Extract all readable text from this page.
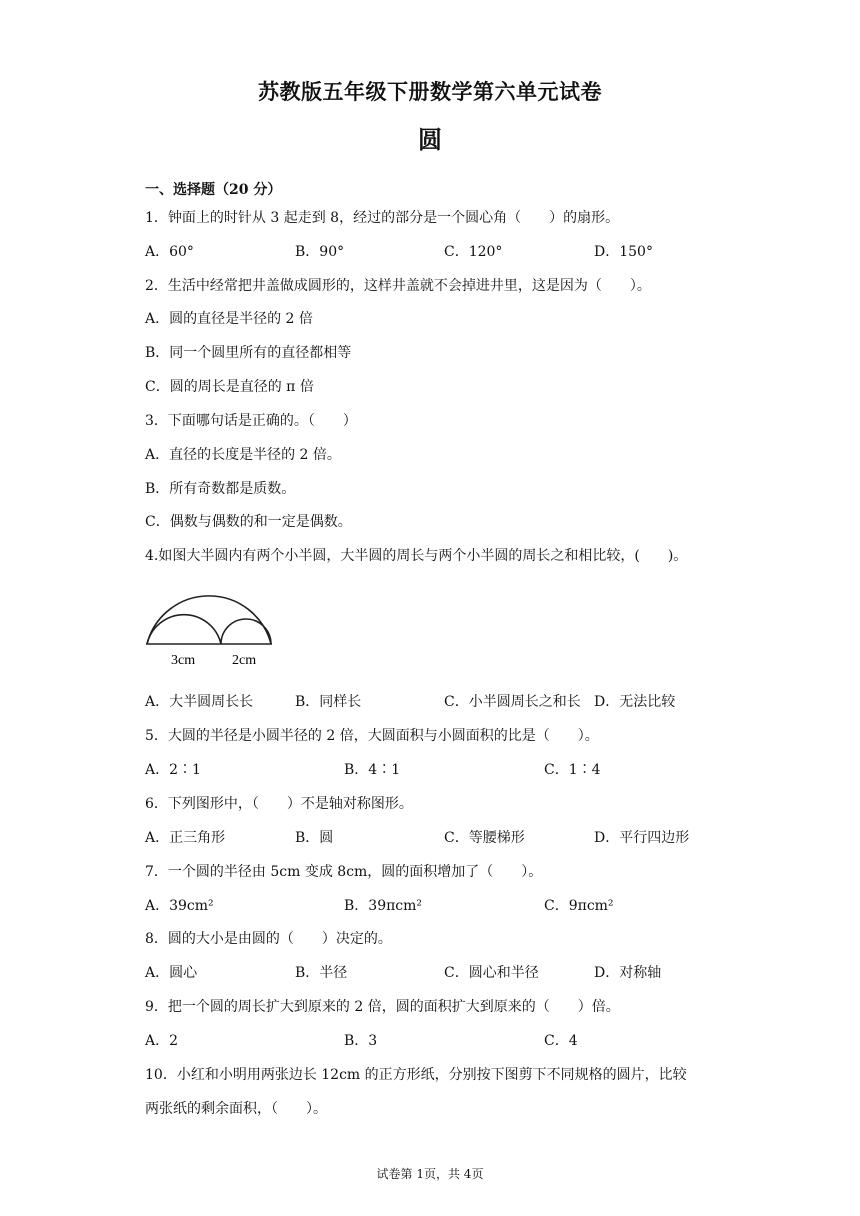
苏教版五年级下册数学第六单元试卷
圆
一、选择题（20 分）
1．钟面上的时针从 3 起走到 8，经过的部分是一个圆心角（　　）的扇形。
A．60°	B．90°	C．120°	D．150°
2．生活中经常把井盖做成圆形的，这样井盖就不会掉进井里，这是因为（　　）。
A．圆的直径是半径的 2 倍
B．同一个圆里所有的直径都相等
C．圆的周长是直径的 π 倍
3．下面哪句话是正确的。（　　）
A．直径的长度是半径的 2 倍。
B．所有奇数都是质数。
C．偶数与偶数的和一定是偶数。
4.如图大半圆内有两个小半圆，大半圆的周长与两个小半圆的周长之和相比较，(　　)。
3cm	2cm
A．大半圆周长长	B．同样长	C．小半圆周长之和长 D．无法比较
5．大圆的半径是小圆半径的 2 倍，大圆面积与小圆面积的比是（　　）。
A．2∶1	B．4∶1	C．1∶4
6．下列图形中，（　　）不是轴对称图形。
A．正三角形	B．圆	C．等腰梯形	D．平行四边形
7．一个圆的半径由 5cm 变成 8cm，圆的面积增加了（　　）。
A．39cm²	B．39πcm²	C．9πcm²
8．圆的大小是由圆的（　　）决定的。
A．圆心	B．半径	C．圆心和半径	D．对称轴
9．把一个圆的周长扩大到原来的 2 倍，圆的面积扩大到原来的（　　）倍。
A．2	B．3	C．4
10．小红和小明用两张边长 12cm 的正方形纸，分别按下图剪下不同规格的圆片，比较
两张纸的剩余面积，（　　）。
试卷第 1页，共 4页
